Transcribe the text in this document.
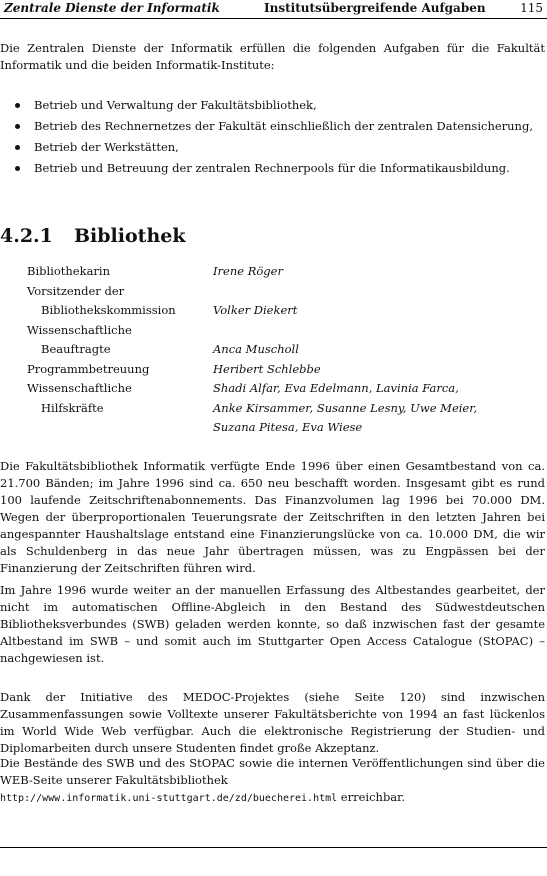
Zentrale Dienste der Informatik	Institutsübergreifende Aufgaben	115
Die Zentralen Dienste der Informatik erfüllen die folgenden Aufgaben für die Fakultät Informatik und die beiden Informatik-Institute:
Betrieb und Verwaltung der Fakultätsbibliothek,
Betrieb des Rechnernetzes der Fakultät einschließlich der zentralen Datensicherung,
Betrieb der Werkstätten,
Betrieb und Betreuung der zentralen Rechnerpools für die Informatikausbildung.
4.2.1 Bibliothek
Bibliothekarin	Irene Röger

Vorsitzender der
Bibliothekskommission	Volker Diekert

Wissenschaftliche
Beauftragte	Anca Muscholl

Programmbetreuung	Heribert Schlebbe

Wissenschaftliche
Hilfskräfte	Shadi Alfar, Eva Edelmann, Lavinia Farca,
Anke Kirsammer, Susanne Lesny, Uwe Meier,
Suzana Pitesa, Eva Wiese
Die Fakultätsbibliothek Informatik verfügte Ende 1996 über einen Gesamtbestand von ca. 21.700 Bänden; im Jahre 1996 sind ca. 650 neu beschafft worden. Insgesamt gibt es rund 100 laufende Zeitschriftenabonnements. Das Finanzvolumen lag 1996 bei 70.000 DM. Wegen der überproportionalen Teuerungsrate der Zeitschriften in den letzten Jahren bei angespannter Haushaltslage entstand eine Finanzierungslücke von ca. 10.000 DM, die wir als Schuldenberg in das neue Jahr übertragen müssen, was zu Engpässen bei der Finanzierung der Zeitschriften führen wird.
Im Jahre 1996 wurde weiter an der manuellen Erfassung des Altbestandes gearbeitet, der nicht im automatischen Offline-Abgleich in den Bestand des Südwestdeutschen Bibliotheksverbundes (SWB) geladen werden konnte, so daß inzwischen fast der gesamte Altbestand im SWB – und somit auch im Stuttgarter Open Access Catalogue (StOPAC) – nachgewiesen ist.
Dank der Initiative des MEDOC-Projektes (siehe Seite 120) sind inzwischen Zusammenfassungen sowie Volltexte unserer Fakultätsberichte von 1994 an fast lückenlos im World Wide Web verfügbar. Auch die elektronische Registrierung der Studien- und Diplomarbeiten durch unsere Studenten findet große Akzeptanz.
Die Bestände des SWB und des StOPAC sowie die internen Veröffentlichungen sind über die WEB-Seite unserer Fakultätsbibliothek
http://www.informatik.uni-stuttgart.de/zd/buecherei.html erreichbar.
